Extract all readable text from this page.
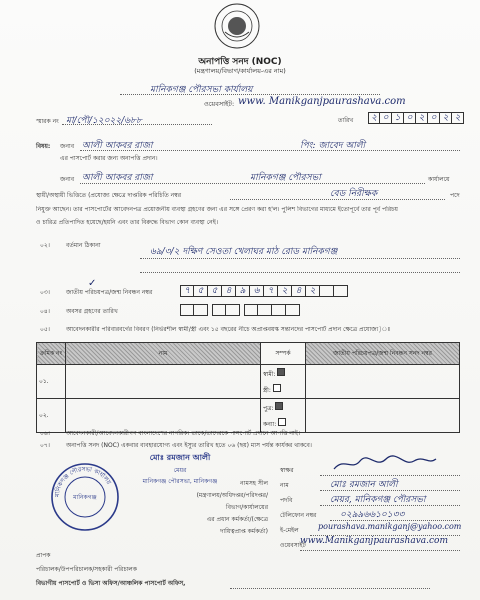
অনাপত্তি সনদ (NOC)
(মন্ত্রণালয়/বিভাগ/কার্যালয়-এর নাম)
মানিকগঞ্জ পৌরসভা কার্যালয়
ওয়েবসাইট: www. Manikganjpaurashava.com
স্মারক নং মা/পৌ/১২০২২/৬৮৮	তারিখ	২ ০ ১ ০ ২ ০ ২ ২
বিষয়: জনাব আলী আকবর রাজা	পিং: জাবেদ আলী
এর পাসপোর্ট করার জন্য অনাপত্তি প্রদান।
জনাব আলী আকবর রাজা	মানিকগঞ্জ পৌরসভা	কার্যালয়ে
স্থায়ী/অস্থায়ী ভিত্তিতে (প্রযোজ্য ক্ষেত্রে দাপ্তরিক পরিচিতি নম্বর	বেড নিরীক্ষক	পদে
নিযুক্ত আছেন। তার পাসপোর্টের আবেদনপত্র প্রয়োজনীয় ব্যবস্থা গ্রহণের জন্য এর সঙ্গে প্রেরণ করা হ'ল। পুলিশ বিভাগের মাধ্যমে ইতোপূর্বে তার পূর্ব পরিচয়
ও চারিত্র প্রতিপাদিত হয়েছে/হয়নি এবং তার বিরুদ্ধে বিভাগ কোন ব্যবস্থা নেই।
০২।	বর্তমান ঠিকানা
৬৯/৩/২ দক্ষিণ সেওতা খেলাঘর মাঠ রোড মানিকগঞ্জ
০৩।	জাতীয় পরিচয়পত্র/জন্ম নিবন্ধন নম্বর
✓
৭ ৫ ৫ ৪ ৯ ৬ ৭ ২ ৪ ২
০৪।	অবসর গ্রহণের তারিখ
০৫।	আবেদনকারীর পরিবারবর্গের বিবরণ (নির্ভরশীল স্বামী/স্ত্রী এবং ১৫ বছরের নীচে অপ্রাপ্তবয়স্ক সন্তানদের পাসপোর্ট প্রদান ক্ষেত্রে প্রযোজ্য)ঃ
ক্রমিক নং	নাম	সম্পর্ক	জাতীয় পরিচয়পত্র/জন্ম নিবন্ধন সনদ নম্বর
০১.		স্বামী:
স্ত্রী:	

০২.		পুত্র:
কন্যা:	

০৬।	আবেদনকারী/আবেদনকারীগণ বাংলাদেশের নাগরিক। তাকে/তাদেরকে পাসপোর্ট প্রদানে আপত্তি নাই।
০৭।	অনাপত্তি সনদ (NOC) একবার ব্যবহারযোগ্য এবং ইস্যুর তারিখ হতে ০৬ (ছয়) মাস পর্যন্ত কার্যকর থাকবে।
মানিকগঞ্জ পৌরসভা কার্যালয়
মানিকগঞ্জ
মোঃ রমজান আলী
মেয়র
মানিকগঞ্জ পৌরসভা, মানিকগঞ্জ	নামসহ সীল
(মন্ত্রণালয়/অধিদপ্তর/পরিদপ্তর/
বিভাগ/কার্যালয়ের
এর প্রধান কর্মকর্তা/(ক্ষেত্রে
দায়িত্বপ্রাপ্ত কর্মকর্তা)
স্বাক্ষর
নাম	মোঃ রমজান আলী
পদবি	মেয়র, মানিকগঞ্জ পৌরসভা
টেলিফোন নম্বর	০২৯৯৬৬১০১৩৩
ই-মেইল pourashava.manikganj@yahoo.com
ওয়েবসাইট
www.Manikganjpaurashava.com
প্রাপক
পরিচালক/উপপরিচালক/সহকারী পরিচালক
বিভাগীয় পাসপোর্ট ও ভিসা অফিস/আঞ্চলিক পাসপোর্ট অফিস,
